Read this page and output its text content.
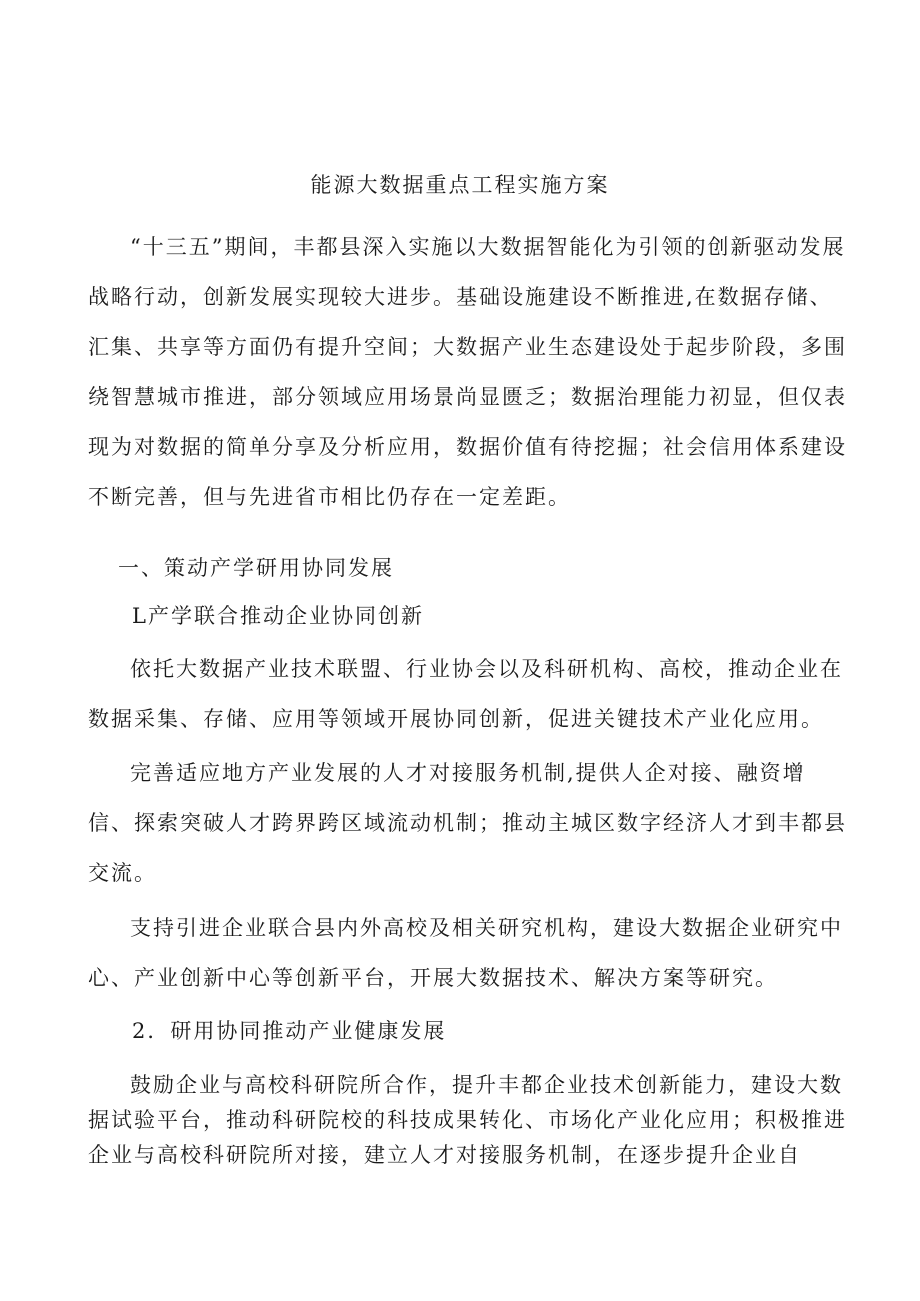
能源大数据重点工程实施方案

“十三五”期间，丰都县深入实施以大数据智能化为引领的创新驱动发展战略行动，创新发展实现较大进步。基础设施建设不断推进,在数据存储、汇集、共享等方面仍有提升空间；大数据产业生态建设处于起步阶段，多围绕智慧城市推进，部分领域应用场景尚显匮乏；数据治理能力初显，但仅表现为对数据的简单分享及分析应用，数据价值有待挖掘；社会信用体系建设不断完善，但与先进省市相比仍存在一定差距。

一、策动产学研用协同发展
L产学联合推动企业协同创新

依托大数据产业技术联盟、行业协会以及科研机构、高校，推动企业在数据采集、存储、应用等领域开展协同创新，促进关键技术产业化应用。

完善适应地方产业发展的人才对接服务机制,提供人企对接、融资增信、探索突破人才跨界跨区域流动机制；推动主城区数字经济人才到丰都县交流。

支持引进企业联合县内外高校及相关研究机构，建设大数据企业研究中心、产业创新中心等创新平台，开展大数据技术、解决方案等研究。

2．研用协同推动产业健康发展

鼓励企业与高校科研院所合作，提升丰都企业技术创新能力，建设大数据试验平台，推动科研院校的科技成果转化、市场化产业化应用；积极推进企业与高校科研院所对接，建立人才对接服务机制，在逐步提升企业自
